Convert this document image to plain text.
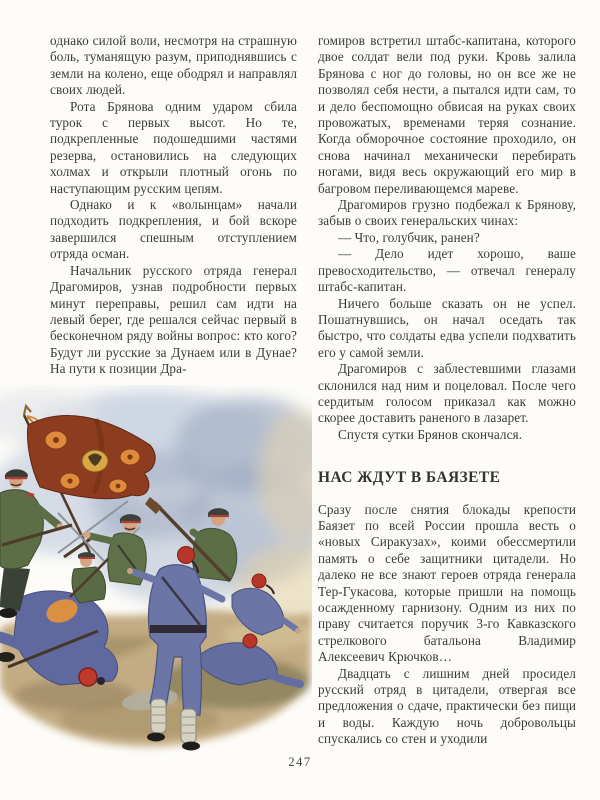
однако силой воли, несмотря на страшную боль, туманящую разум, приподнявшись с земли на колено, еще ободрял и направлял своих людей.

Рота Брянова одним ударом сбила турок с первых высот. Но те, подкрепленные подошедшими частями резерва, остановились на следующих холмах и открыли плотный огонь по наступающим русским цепям.

Однако и к «волынцам» начали подходить подкрепления, и бой вскоре завершился спешным отступлением отряда осман.

Начальник русского отряда генерал Драгомиров, узнав подробности первых минут переправы, решил сам идти на левый берег, где решался сейчас первый в бесконечном ряду войны вопрос: кто кого? Будут ли русские за Дунаем или в Дунае? На пути к позиции Дра-

гомиров встретил штабс-капитана, которого двое солдат вели под руки. Кровь залила Брянова с ног до головы, но он все же не позволял себя нести, а пытался идти сам, то и дело беспомощно обвисая на руках своих провожатых, временами теряя сознание. Когда обморочное состояние проходило, он снова начинал механически перебирать ногами, видя весь окружающий его мир в багровом переливающемся мареве.

Драгомиров грузно подбежал к Брянову, забыв о своих генеральских чинах:

— Что, голубчик, ранен?

— Дело идет хорошо, ваше превосходительство, — отвечал генералу штабс-капитан.

Ничего больше сказать он не успел. Пошатнувшись, он начал оседать так быстро, что солдаты едва успели подхватить его у самой земли.

Драгомиров с заблестевшими глазами склонился над ним и поцеловал. После чего сердитым голосом приказал как можно скорее доставить раненого в лазарет.

Спустя сутки Брянов скончался.

НАС ЖДУТ В БАЯЗЕТЕ

Сразу после снятия блокады крепости Баязет по всей России прошла весть о «новых Сиракузах», коими обессмертили память о себе защитники цитадели. Но далеко не все знают героев отряда генерала Тер-Гукасова, которые пришли на помощь осажденному гарнизону. Одним из них по праву считается поручик 3-го Кавказского стрелкового батальона Владимир Алексеевич Крючков…

Двадцать с лишним дней просидел русский отряд в цитадели, отвергая все предложения о сдаче, практически без пищи и воды. Каждую ночь добровольцы спускались со стен и уходили

247
